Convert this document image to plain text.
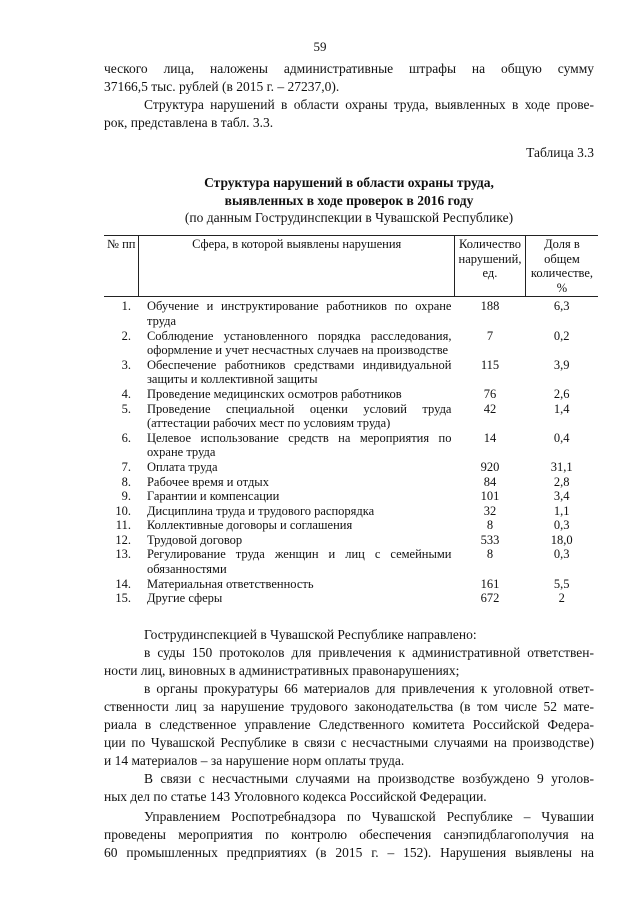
59
ческого лица, наложены административные штрафы на общую сумму
37166,5 тыс. рублей (в 2015 г. – 27237,0).
Структура нарушений в области охраны труда, выявленных в ходе прове-
рок, представлена в табл. 3.3.
Таблица 3.3
Структура нарушений в области охраны труда,
выявленных в ходе проверок в 2016 году
(по данным Гострудинспекции в Чувашской Республике)
№ пп	Сфера, в которой выявлены нарушения	Количество нарушений, ед.	Доля в общем количестве, %
1.	Обучение и инструктирование работников по охране труда	188	6,3
2.	Соблюдение установленного порядка расследования, оформление и учет несчастных случаев на производстве	7	0,2
3.	Обеспечение работников средствами индивидуальной защиты и коллективной защиты	115	3,9
4.	Проведение медицинских осмотров работников	76	2,6
5.	Проведение специальной оценки условий труда (аттестации рабочих мест по условиям труда)	42	1,4
6.	Целевое использование средств на мероприятия по охране труда	14	0,4
7.	Оплата труда	920	31,1
8.	Рабочее время и отдых	84	2,8
9.	Гарантии и компенсации	101	3,4
10.	Дисциплина труда и трудового распорядка	32	1,1
11.	Коллективные договоры и соглашения	8	0,3
12.	Трудовой договор	533	18,0
13.	Регулирование труда женщин и лиц с семейными обязанностями	8	0,3
14.	Материальная ответственность	161	5,5
15.	Другие сферы	672	2
Гострудинспекцией в Чувашской Республике направлено:
в суды 150 протоколов для привлечения к административной ответствен-
ности лиц, виновных в административных правонарушениях;
в органы прокуратуры 66 материалов для привлечения к уголовной ответ-
ственности лиц за нарушение трудового законодательства (в том числе 52 мате-
риала в следственное управление Следственного комитета Российской Федера-
ции по Чувашской Республике в связи с несчастными случаями на производстве)
и 14 материалов – за нарушение норм оплаты труда.
В связи с несчастными случаями на производстве возбуждено 9 уголов-
ных дел по статье 143 Уголовного кодекса Российской Федерации.
Управлением Роспотребнадзора по Чувашской Республике – Чувашии
проведены мероприятия по контролю обеспечения санэпидблагополучия на
60 промышленных предприятиях (в 2015 г. – 152). Нарушения выявлены на
